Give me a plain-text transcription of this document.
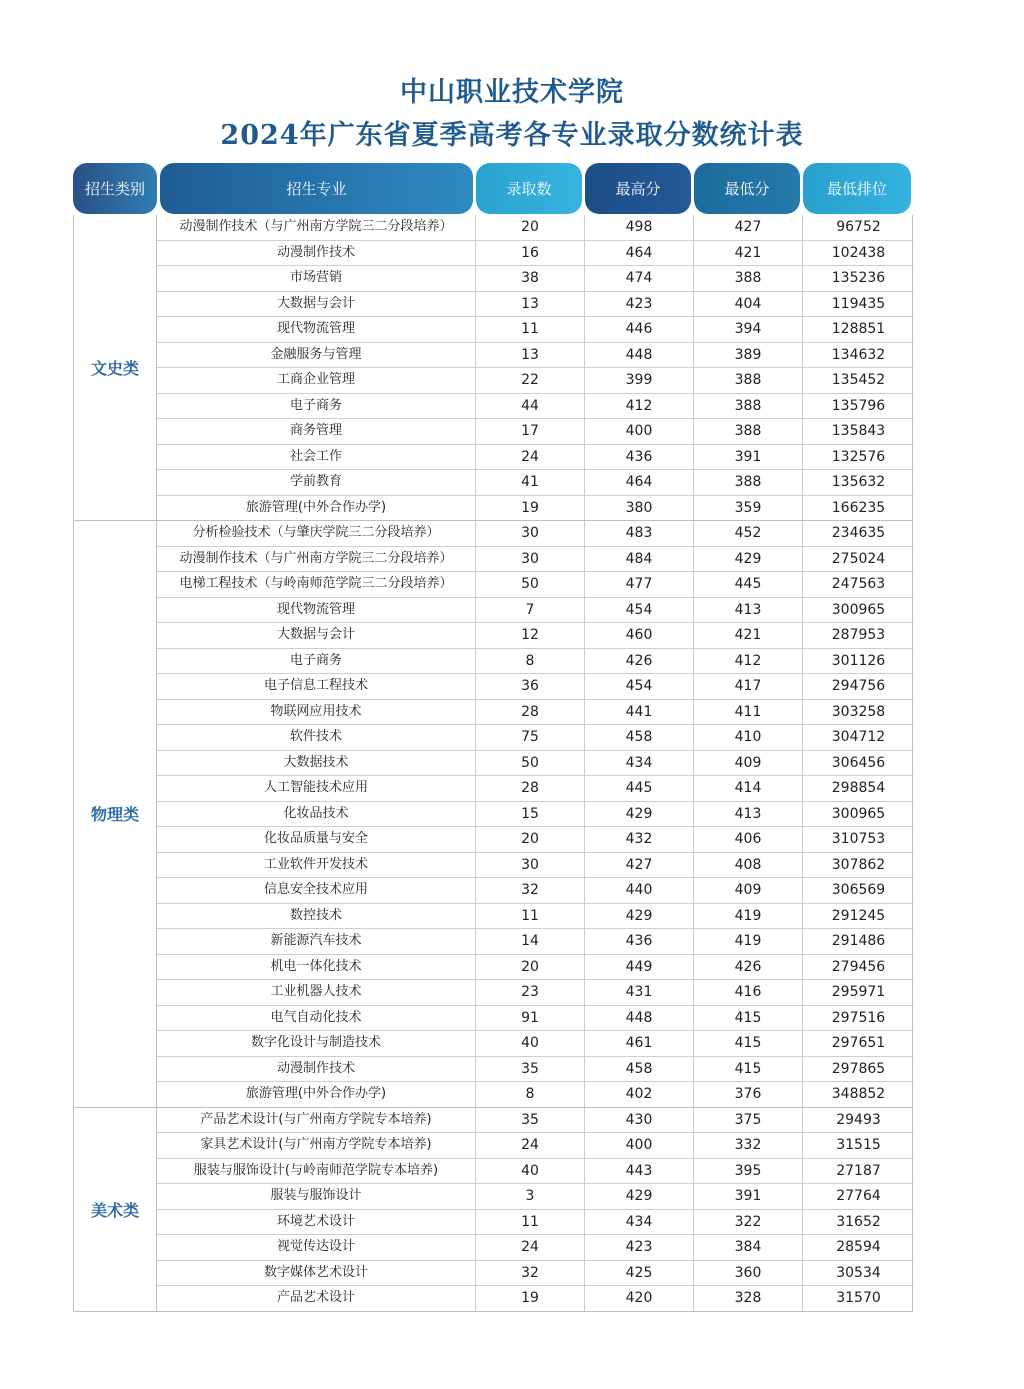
中山职业技术学院
2024年广东省夏季高考各专业录取分数统计表
招生类别	招生专业	录取数	最高分	最低分	最低排位
文史类
动漫制作技术（与广州南方学院三二分段培养）	20	498	427	96752
动漫制作技术	16	464	421	102438
市场营销	38	474	388	135236
大数据与会计	13	423	404	119435
现代物流管理	11	446	394	128851
金融服务与管理	13	448	389	134632
工商企业管理	22	399	388	135452
电子商务	44	412	388	135796
商务管理	17	400	388	135843
社会工作	24	436	391	132576
学前教育	41	464	388	135632
旅游管理(中外合作办学)	19	380	359	166235
物理类
分析检验技术（与肇庆学院三二分段培养）	30	483	452	234635
动漫制作技术（与广州南方学院三二分段培养）	30	484	429	275024
电梯工程技术（与岭南师范学院三二分段培养）	50	477	445	247563
现代物流管理	7	454	413	300965
大数据与会计	12	460	421	287953
电子商务	8	426	412	301126
电子信息工程技术	36	454	417	294756
物联网应用技术	28	441	411	303258
软件技术	75	458	410	304712
大数据技术	50	434	409	306456
人工智能技术应用	28	445	414	298854
化妆品技术	15	429	413	300965
化妆品质量与安全	20	432	406	310753
工业软件开发技术	30	427	408	307862
信息安全技术应用	32	440	409	306569
数控技术	11	429	419	291245
新能源汽车技术	14	436	419	291486
机电一体化技术	20	449	426	279456
工业机器人技术	23	431	416	295971
电气自动化技术	91	448	415	297516
数字化设计与制造技术	40	461	415	297651
动漫制作技术	35	458	415	297865
旅游管理(中外合作办学)	8	402	376	348852
美术类
产品艺术设计(与广州南方学院专本培养)	35	430	375	29493
家具艺术设计(与广州南方学院专本培养)	24	400	332	31515
服装与服饰设计(与岭南师范学院专本培养)	40	443	395	27187
服装与服饰设计	3	429	391	27764
环境艺术设计	11	434	322	31652
视觉传达设计	24	423	384	28594
数字媒体艺术设计	32	425	360	30534
产品艺术设计	19	420	328	31570
